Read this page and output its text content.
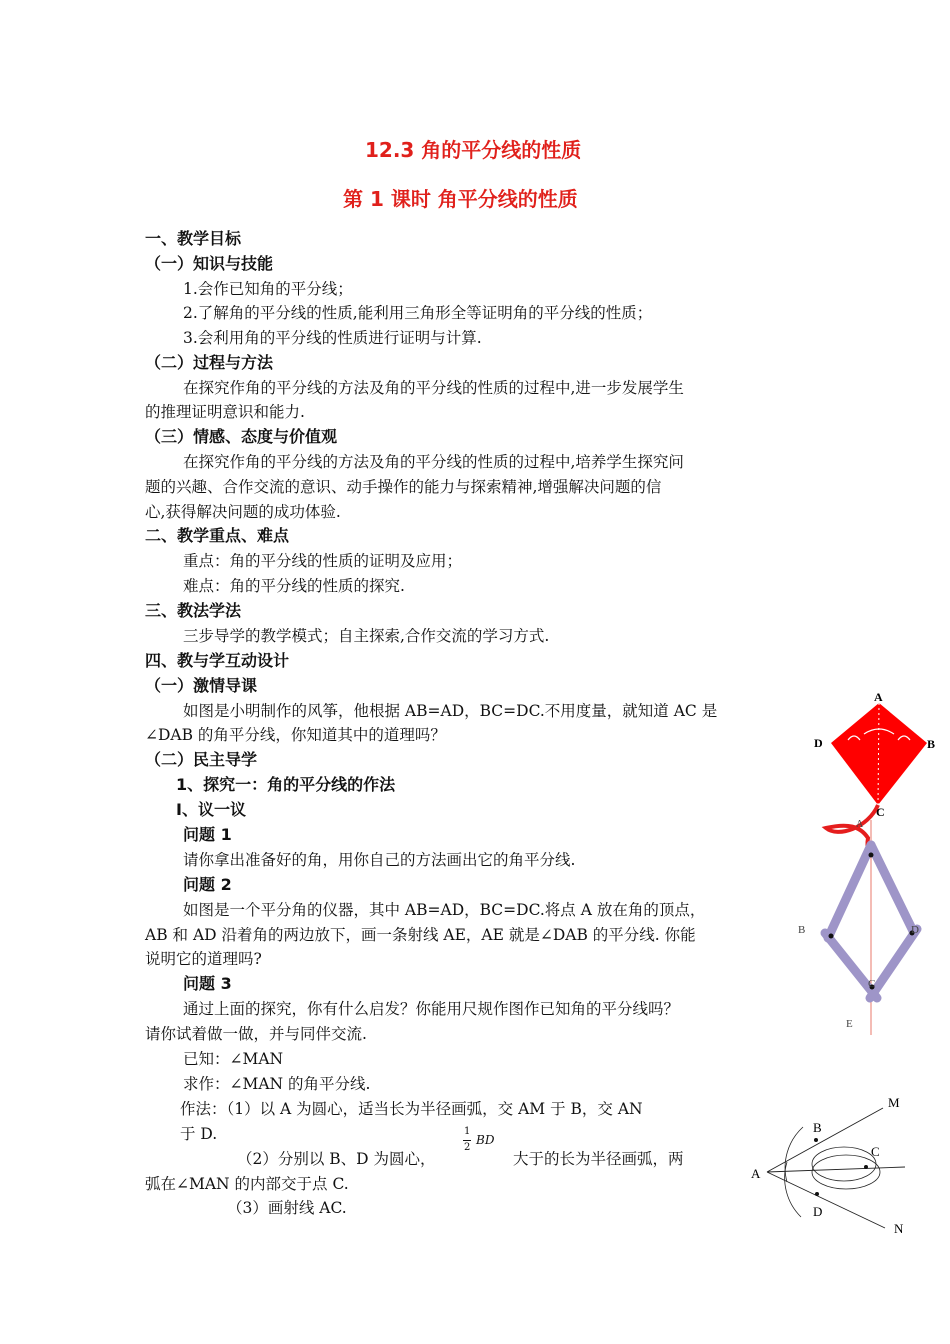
12.3 角的平分线的性质
第 1 课时 角平分线的性质
一、教学目标
（一）知识与技能
1.会作已知角的平分线；
2.了解角的平分线的性质,能利用三角形全等证明角的平分线的性质；
3.会利用角的平分线的性质进行证明与计算.
（二）过程与方法
在探究作角的平分线的方法及角的平分线的性质的过程中,进一步发展学生
的推理证明意识和能力.
（三）情感、态度与价值观
在探究作角的平分线的方法及角的平分线的性质的过程中,培养学生探究问
题的兴趣、合作交流的意识、动手操作的能力与探索精神,增强解决问题的信
心,获得解决问题的成功体验.
二、教学重点、难点
重点：角的平分线的性质的证明及应用；
难点：角的平分线的性质的探究.
三、教法学法
三步导学的教学模式；自主探索,合作交流的学习方式.
四、教与学互动设计
（一）激情导课
如图是小明制作的风筝，他根据 AB=AD，BC=DC.不用度量，就知道 AC 是
∠DAB 的角平分线，你知道其中的道理吗？
（二）民主导学
1、探究一：角的平分线的作法
Ⅰ、议一议
问题 1
请你拿出准备好的角，用你自己的方法画出它的角平分线.
问题 2
如图是一个平分角的仪器，其中 AB=AD，BC=DC.将点 A 放在角的顶点，
AB 和 AD 沿着角的两边放下，画一条射线 AE，AE 就是∠DAB 的平分线. 你能
说明它的道理吗?
问题 3
通过上面的探究，你有什么启发？你能用尺规作图作已知角的平分线吗？
请你试着做一做，并与同伴交流.
已知：∠MAN
求作：∠MAN 的角平分线.
作法：（1）以 A 为圆心，适当长为半径画弧，交 AM 于 B，交 AN
于 D.
（2）分别以 B、D 为圆心，
1
2
BD
大于的长为半径画弧，两
弧在∠MAN 的内部交于点 C.
（3）画射线 AC.
A
B
C
D
A
B
C
D
E
A
B
C
D
M
N
